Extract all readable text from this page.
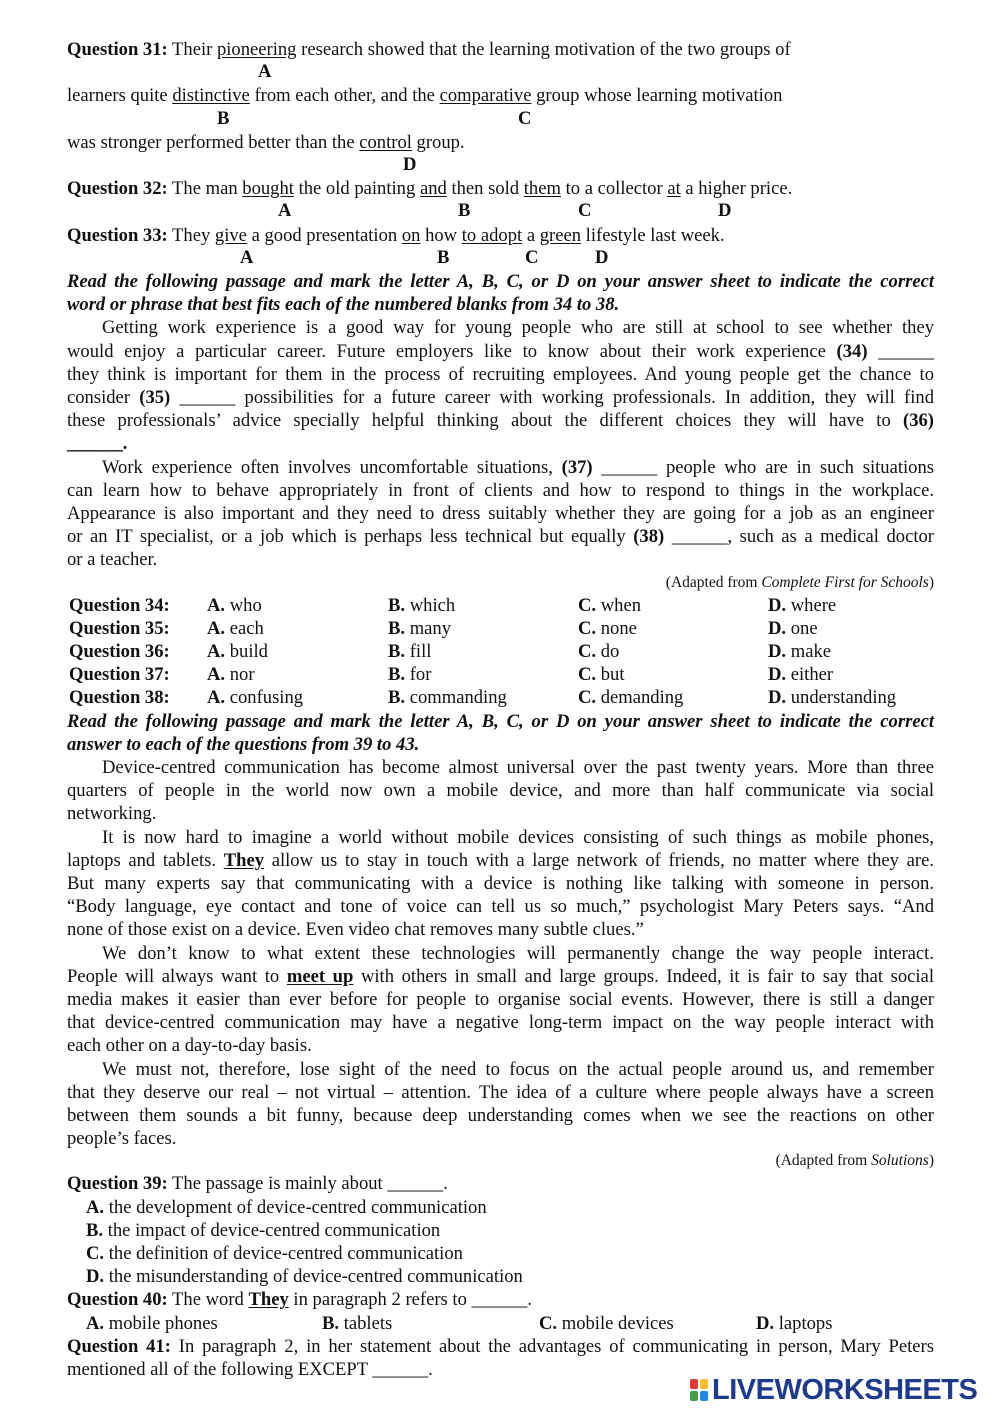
Question 31: Their pioneering research showed that the learning motivation of the two groups of
A
learners quite distinctive from each other, and the comparative group whose learning motivation
B	C
was stronger performed better than the control group.
D
Question 32: The man bought the old painting and then sold them to a collector at a higher price.
A	B	C	D
Question 33: They give a good presentation on how to adopt a green lifestyle last week.
A	B	C	D
Read the following passage and mark the letter A, B, C, or D on your answer sheet to indicate the correct
word or phrase that best fits each of the numbered blanks from 34 to 38.
Getting work experience is a good way for young people who are still at school to see whether they
would enjoy a particular career. Future employers like to know about their work experience (34) ______
they think is important for them in the process of recruiting employees. And young people get the chance to
consider (35) ______ possibilities for a future career with working professionals. In addition, they will find
these professionals’ advice specially helpful thinking about the different choices they will have to (36)
______.
Work experience often involves uncomfortable situations, (37) ______ people who are in such situations
can learn how to behave appropriately in front of clients and how to respond to things in the workplace.
Appearance is also important and they need to dress suitably whether they are going for a job as an engineer
or an IT specialist, or a job which is perhaps less technical but equally (38) ______, such as a medical doctor
or a teacher.
(Adapted from Complete First for Schools)
Question 34:	A. who	B. which	C. when	D. where
Question 35:	A. each	B. many	C. none	D. one
Question 36:	A. build	B. fill	C. do	D. make
Question 37:	A. nor	B. for	C. but	D. either
Question 38:	A. confusing	B. commanding	C. demanding	D. understanding
Read the following passage and mark the letter A, B, C, or D on your answer sheet to indicate the correct
answer to each of the questions from 39 to 43.
Device-centred communication has become almost universal over the past twenty years. More than three
quarters of people in the world now own a mobile device, and more than half communicate via social
networking.
It is now hard to imagine a world without mobile devices consisting of such things as mobile phones,
laptops and tablets. They allow us to stay in touch with a large network of friends, no matter where they are.
But many experts say that communicating with a device is nothing like talking with someone in person.
“Body language, eye contact and tone of voice can tell us so much,” psychologist Mary Peters says. “And
none of those exist on a device. Even video chat removes many subtle clues.”
We don’t know to what extent these technologies will permanently change the way people interact.
People will always want to meet up with others in small and large groups. Indeed, it is fair to say that social
media makes it easier than ever before for people to organise social events. However, there is still a danger
that device-centred communication may have a negative long-term impact on the way people interact with
each other on a day-to-day basis.
We must not, therefore, lose sight of the need to focus on the actual people around us, and remember
that they deserve our real – not virtual – attention. The idea of a culture where people always have a screen
between them sounds a bit funny, because deep understanding comes when we see the reactions on other
people’s faces.
(Adapted from Solutions)
Question 39: The passage is mainly about ______.
A. the development of device-centred communication
B. the impact of device-centred communication
C. the definition of device-centred communication
D. the misunderstanding of device-centred communication
Question 40: The word They in paragraph 2 refers to ______.
A. mobile phones	B. tablets	C. mobile devices	D. laptops
Question 41: In paragraph 2, in her statement about the advantages of communicating in person, Mary Peters
mentioned all of the following EXCEPT ______.
LIVEWORKSHEETS
